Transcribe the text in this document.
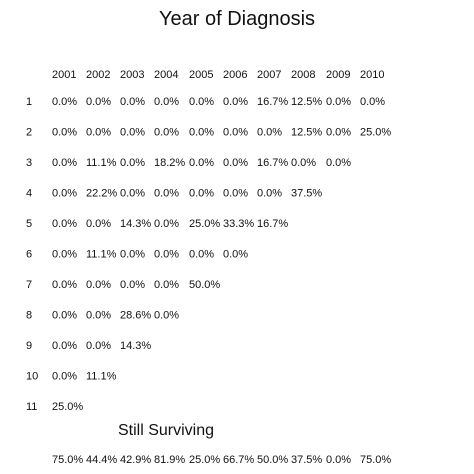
Year of Diagnosis
2001 2002 2003 2004 2005 2006 2007 2008 2009 2010
1 0.0% 0.0% 0.0% 0.0% 0.0% 0.0% 16.7% 12.5% 0.0% 0.0%
2 0.0% 0.0% 0.0% 0.0% 0.0% 0.0% 0.0% 12.5% 0.0% 25.0%
3 0.0% 11.1% 0.0% 18.2% 0.0% 0.0% 16.7% 0.0% 0.0%
4 0.0% 22.2% 0.0% 0.0% 0.0% 0.0% 0.0% 37.5%
5 0.0% 0.0% 14.3% 0.0% 25.0% 33.3% 16.7%
6 0.0% 11.1% 0.0% 0.0% 0.0% 0.0%
7 0.0% 0.0% 0.0% 0.0% 50.0%
8 0.0% 0.0% 28.6% 0.0%
9 0.0% 0.0% 14.3%
10 0.0% 11.1%
11 25.0%
Still Surviving
75.0% 44.4% 42.9% 81.9% 25.0% 66.7% 50.0% 37.5% 0.0% 75.0%
